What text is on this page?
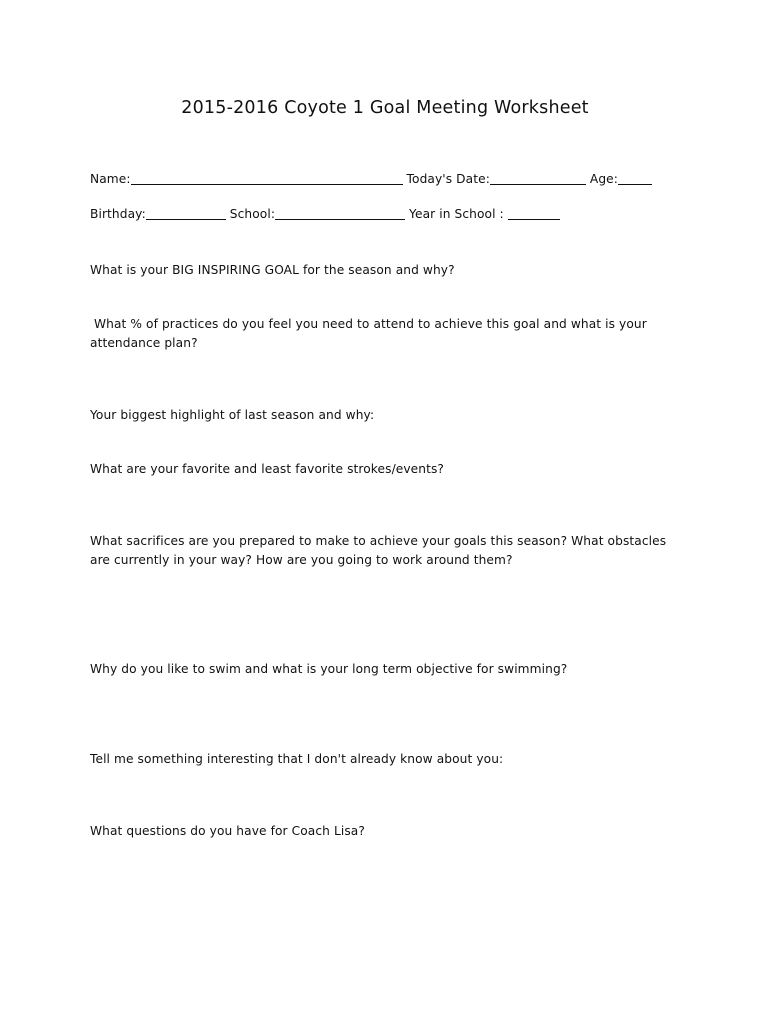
2015-2016 Coyote 1 Goal Meeting Worksheet

Name:	Today's Date:	Age:

Birthday:	School:	Year in School :

What is your BIG INSPIRING GOAL for the season and why?

What % of practices do you feel you need to attend to achieve this goal and what is your attendance plan?

Your biggest highlight of last season and why:

What are your favorite and least favorite strokes/events?

What sacrifices are you prepared to make to achieve your goals this season? What obstacles are currently in your way? How are you going to work around them?

Why do you like to swim and what is your long term objective for swimming?

Tell me something interesting that I don't already know about you:

What questions do you have for Coach Lisa?
